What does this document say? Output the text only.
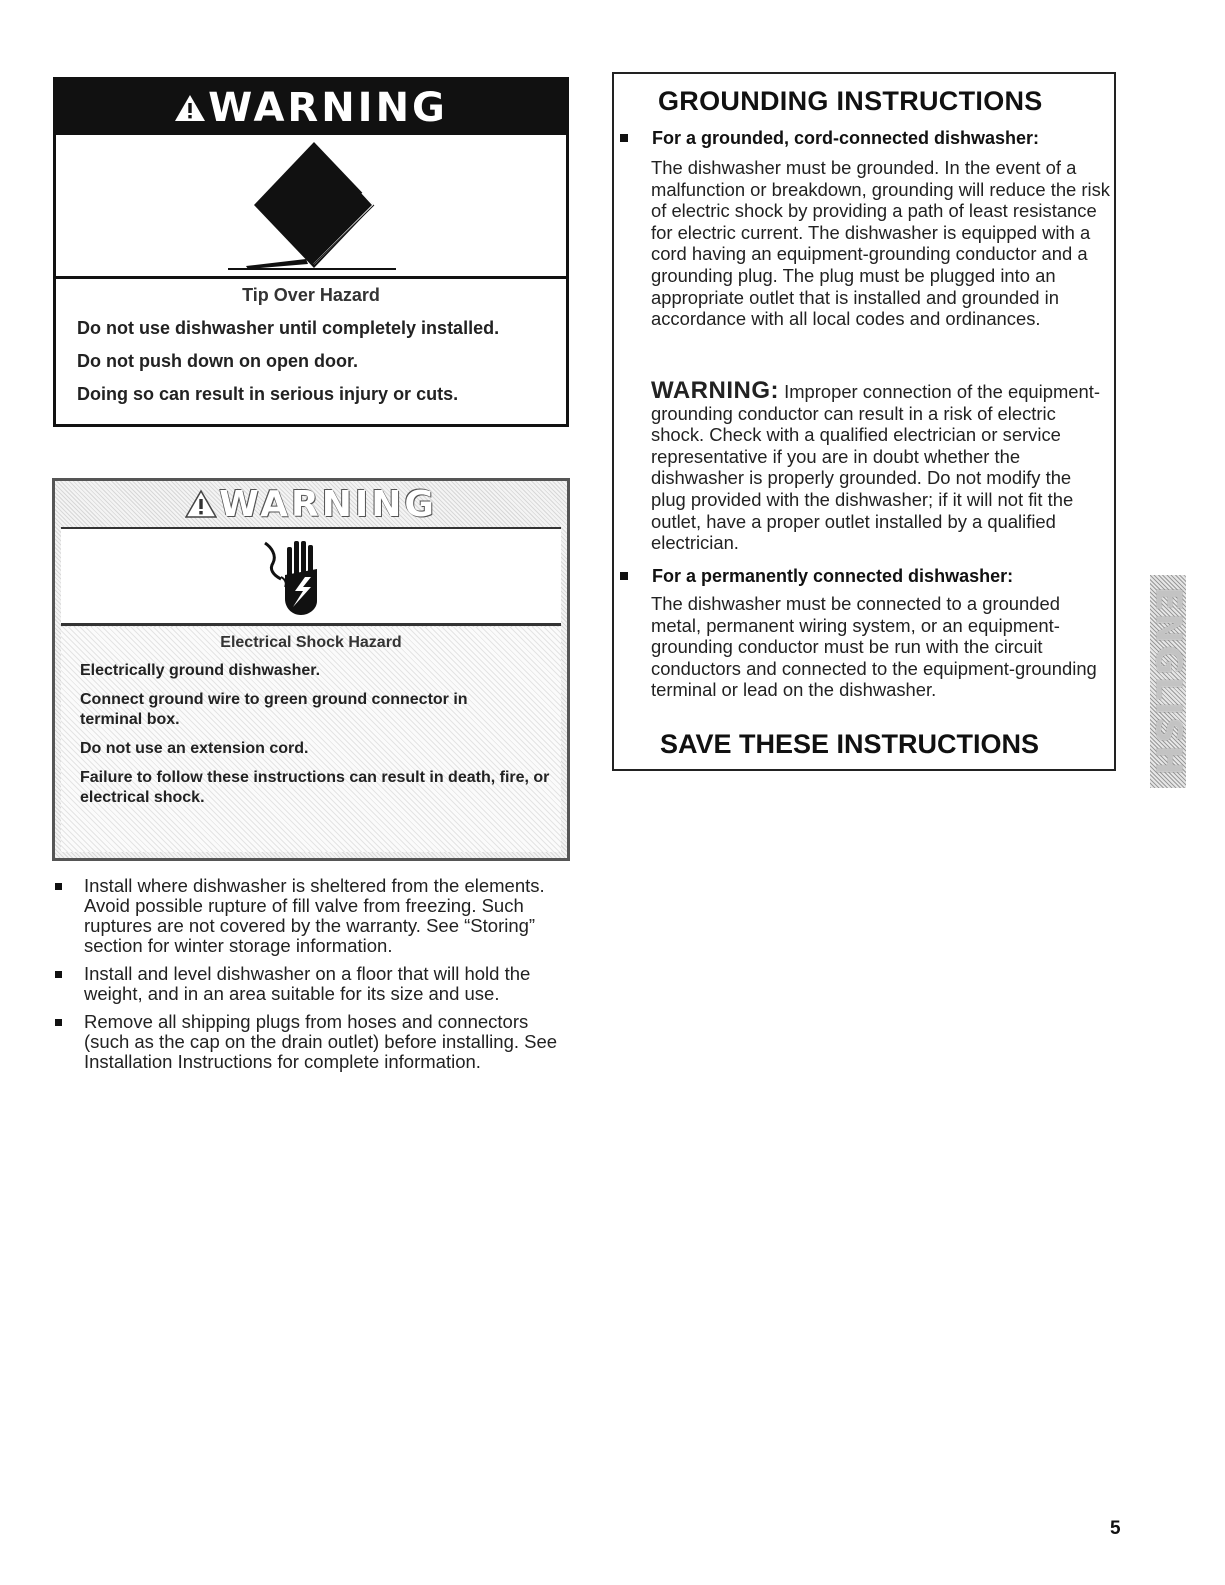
WARNING
Tip Over Hazard
Do not use dishwasher until completely installed.
Do not push down on open door.
Doing so can result in serious injury or cuts.
WARNING
Electrical Shock Hazard
Electrically ground dishwasher.
Connect ground wire to green ground connector in terminal box.
Do not use an extension cord.
Failure to follow these instructions can result in death, fire, or electrical shock.
Install where dishwasher is sheltered from the elements. Avoid possible rupture of fill valve from freezing. Such ruptures are not covered by the warranty. See “Storing” section for winter storage information.
Install and level dishwasher on a floor that will hold the weight, and in an area suitable for its size and use.
Remove all shipping plugs from hoses and connectors (such as the cap on the drain outlet) before installing. See Installation Instructions for complete information.
GROUNDING INSTRUCTIONS
For a grounded, cord-connected dishwasher:
The dishwasher must be grounded. In the event of a malfunction or breakdown, grounding will reduce the risk of electric shock by providing a path of least resistance for electric current. The dishwasher is equipped with a cord having an equipment-grounding conductor and a grounding plug. The plug must be plugged into an appropriate outlet that is installed and grounded in accordance with all local codes and ordinances.
WARNING: Improper connection of the equipment-grounding conductor can result in a risk of electric shock. Check with a qualified electrician or service representative if you are in doubt whether the dishwasher is properly grounded. Do not modify the plug provided with the dishwasher; if it will not fit the outlet, have a proper outlet installed by a qualified electrician.
For a permanently connected dishwasher:
The dishwasher must be connected to a grounded metal, permanent wiring system, or an equipment-grounding conductor must be run with the circuit conductors and connected to the equipment-grounding terminal or lead on the dishwasher.
SAVE THESE INSTRUCTIONS	ENGLISH
5
